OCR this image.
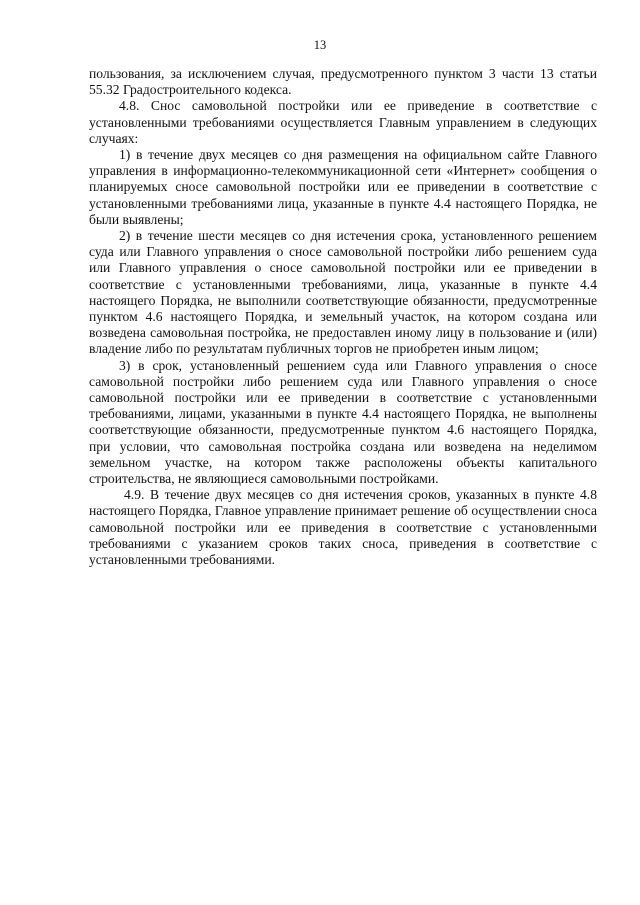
13

пользования, за исключением случая, предусмотренного пунктом 3 части 13 статьи 55.32 Градостроительного кодекса.

4.8. Снос самовольной постройки или ее приведение в соответствие с установленными требованиями осуществляется Главным управлением в следующих случаях:

1) в течение двух месяцев со дня размещения на официальном сайте Главного управления в информационно-телекоммуникационной сети «Интернет» сообщения о планируемых сносе самовольной постройки или ее приведении в соответствие с установленными требованиями лица, указанные в пункте 4.4 настоящего Порядка, не были выявлены;

2) в течение шести месяцев со дня истечения срока, установленного решением суда или Главного управления о сносе самовольной постройки либо решением суда или Главного управления о сносе самовольной постройки или ее приведении в соответствие с установленными требованиями, лица, указанные в пункте 4.4 настоящего Порядка, не выполнили соответствующие обязанности, предусмотренные пунктом 4.6 настоящего Порядка, и земельный участок, на котором создана или возведена самовольная постройка, не предоставлен иному лицу в пользование и (или) владение либо по результатам публичных торгов не приобретен иным лицом;

3) в срок, установленный решением суда или Главного управления о сносе самовольной постройки либо решением суда или Главного управления о сносе самовольной постройки или ее приведении в соответствие с установленными требованиями, лицами, указанными в пункте 4.4 настоящего Порядка, не выполнены соответствующие обязанности, предусмотренные пунктом 4.6 настоящего Порядка, при условии, что самовольная постройка создана или возведена на неделимом земельном участке, на котором также расположены объекты капитального строительства, не являющиеся самовольными постройками.

4.9. В течение двух месяцев со дня истечения сроков, указанных в пункте 4.8 настоящего Порядка, Главное управление принимает решение об осуществлении сноса самовольной постройки или ее приведения в соответствие с установленными требованиями с указанием сроков таких сноса, приведения в соответствие с установленными требованиями.
